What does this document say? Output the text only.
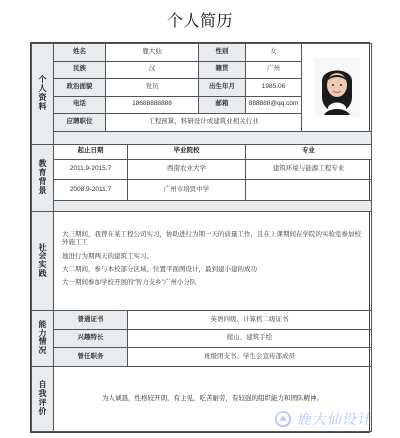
个人简历
个人资料	姓名	鹿大仙		性别	女	

	民族	汉		籍贯	广州	
	政治面貌	党员		出生年月	1985.06	
	电话	18688888888		邮箱	888888@qq.com	
	应聘职位	工程预算、科研设计或建筑业相关行业				

教育背景	起止日期		毕业院校		专业	
	2011.9-2015.7		西南农业大学		建筑环境与能源工程专业	
	2008.9-2011.7		广州市培贤中学			

社会实践	大三期间，我曾在某工程公司实习，协助进行为期一天的质量工作，且在上课期间在学院的实验室参加校外施工工

地进行为期两天的建筑工实习。

大二期间，参与本校部分区域、位置平面图设计，最到建小建的成功

大一期间参加学校开展的“智力支乡”广州小分队					

能力情况	普通证书		英语四级、计算机二级证书			
	兴趣特长		爬山、建筑手绘			
	曾任职务		班级团支书、学生会宣传部成员			
自我评价	为人诚恳，性格较开朗，有主见，吃苦耐劳，有较强的组织能力和团队精神。					
鹿大仙设计
